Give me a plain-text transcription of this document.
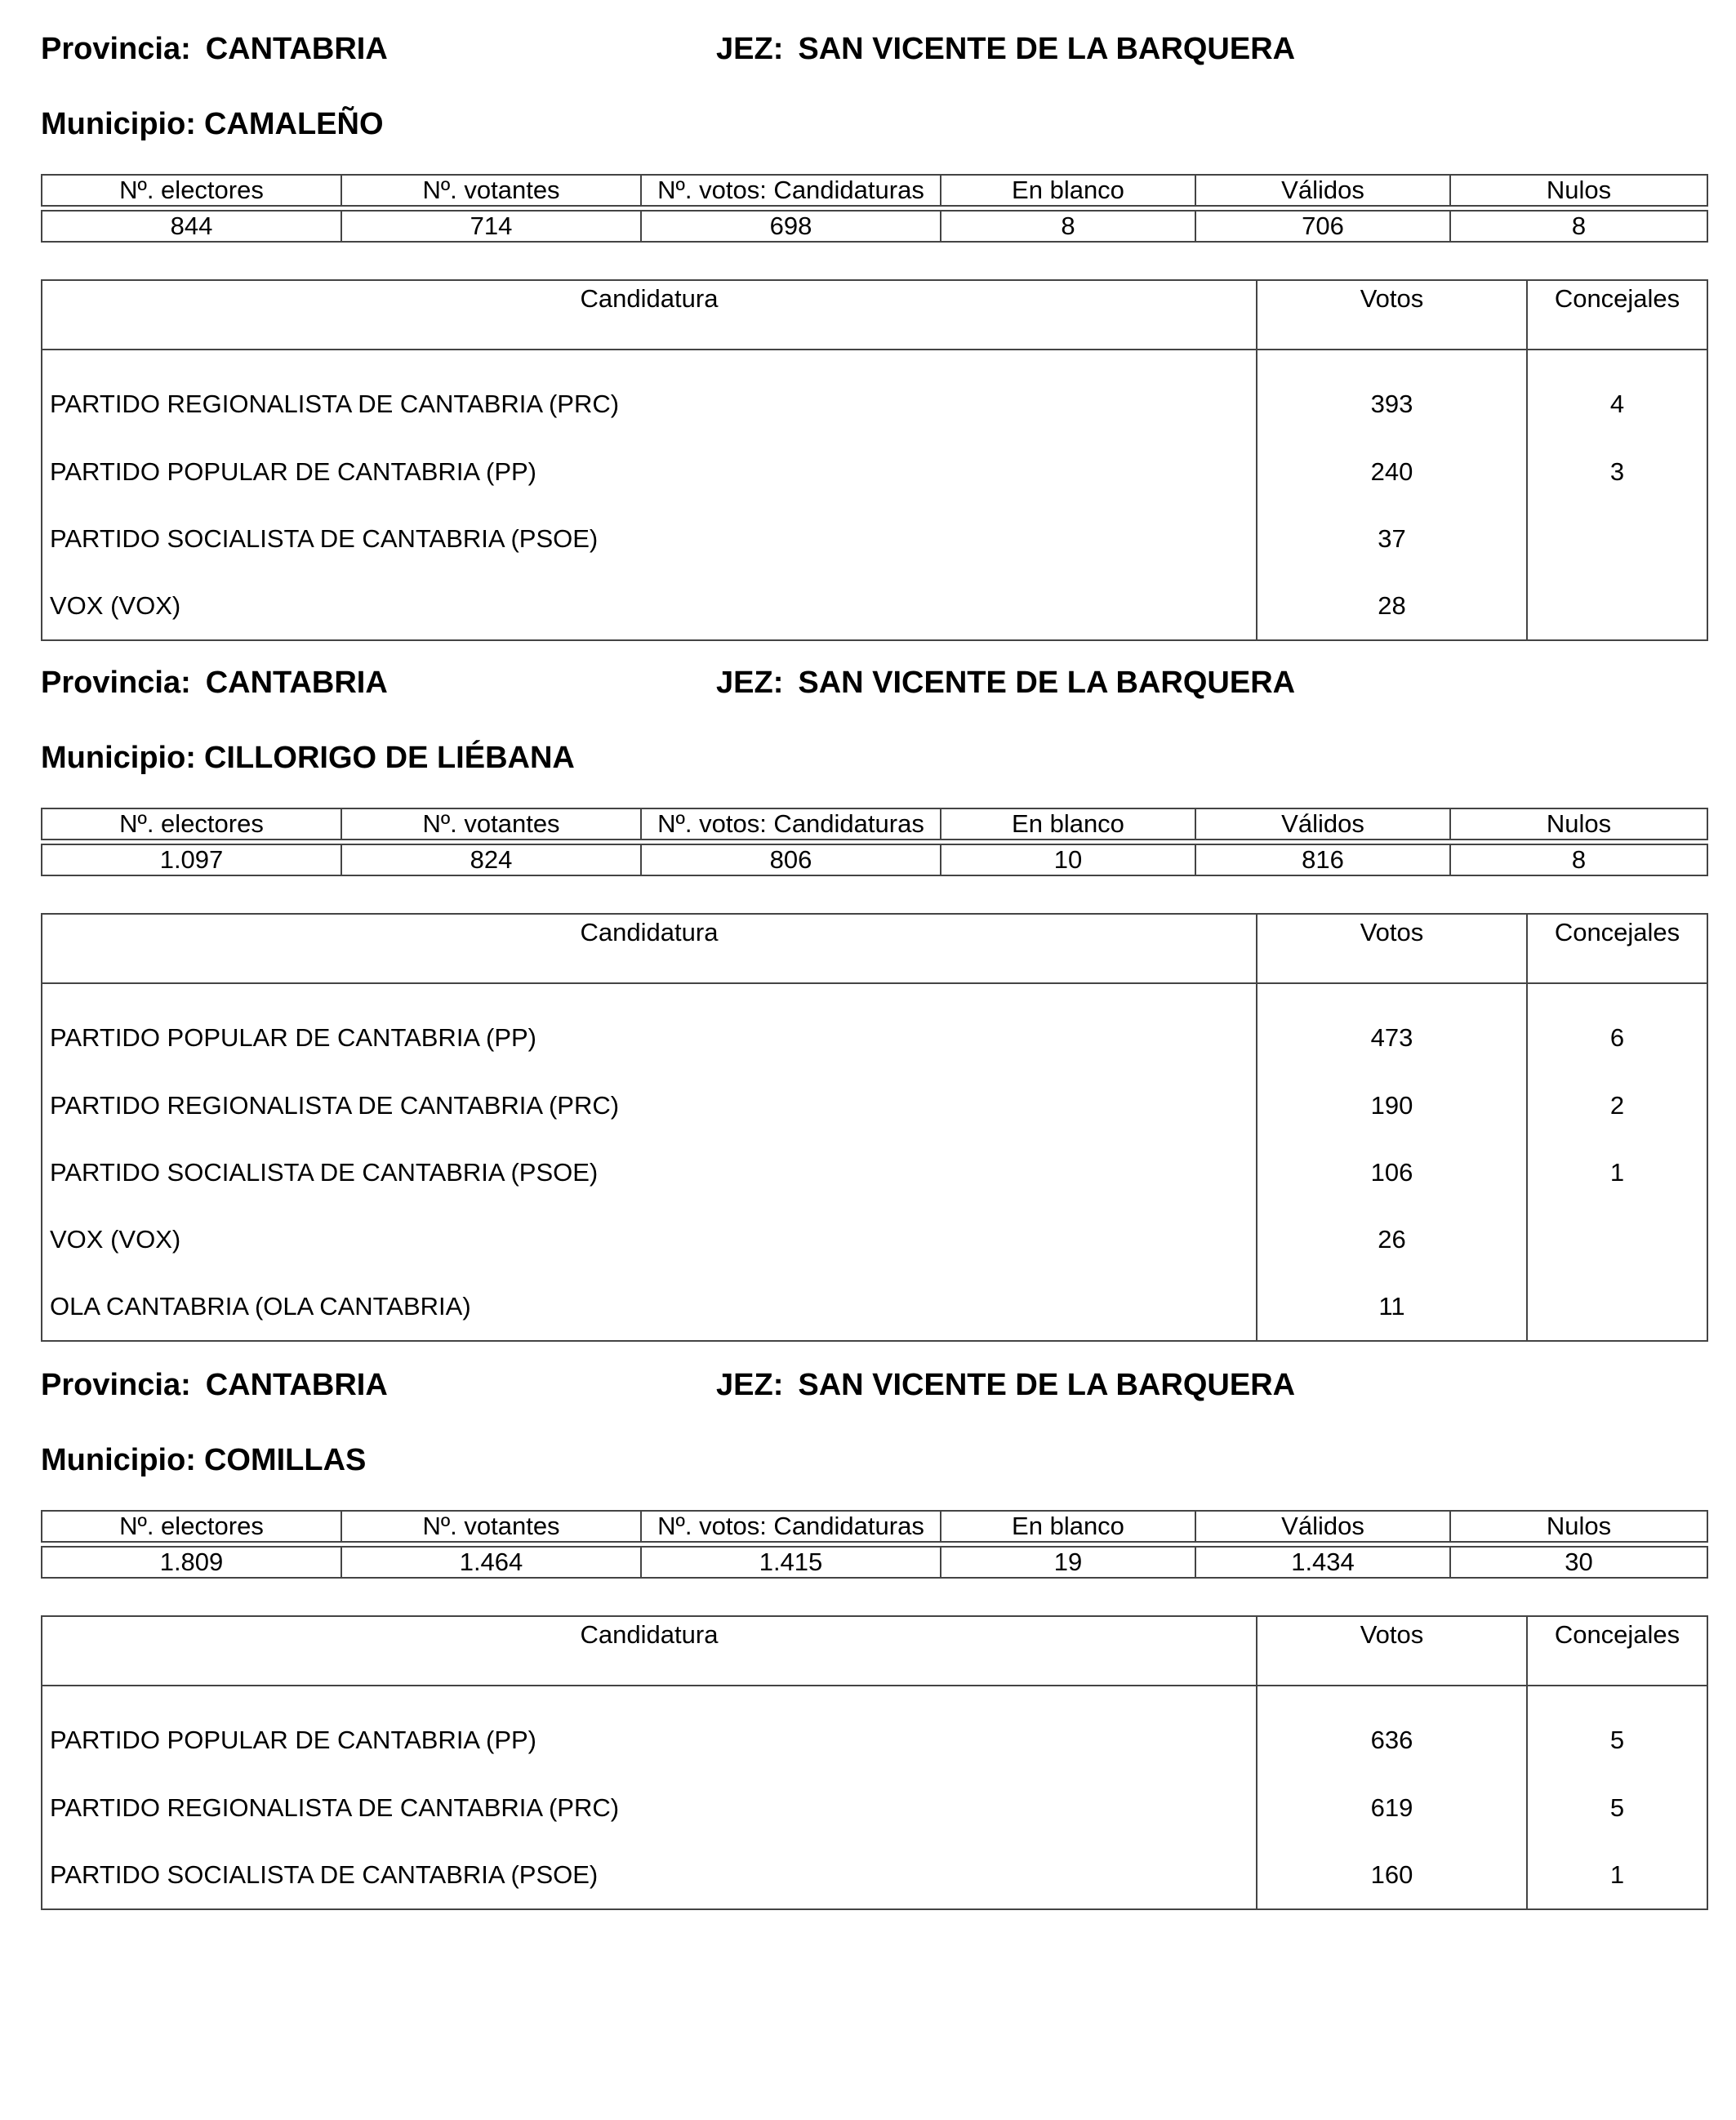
Provincia: CANTABRIA	JEZ: SAN VICENTE DE LA BARQUERA
Municipio: CAMALEÑO
Nº. electores	Nº. votantes	Nº. votos: Candidaturas	En blanco	Válidos	Nulos

844	714	698	8	706	8
Candidatura	Votos	Concejales
PARTIDO REGIONALISTA DE CANTABRIA (PRC)	393	4
PARTIDO POPULAR DE CANTABRIA (PP)	240	3
PARTIDO SOCIALISTA DE CANTABRIA (PSOE)	37	
VOX (VOX)	28	
Provincia: CANTABRIA	JEZ: SAN VICENTE DE LA BARQUERA
Municipio: CILLORIGO DE LIÉBANA
Nº. electores	Nº. votantes	Nº. votos: Candidaturas	En blanco	Válidos	Nulos

1.097	824	806	10	816	8
Candidatura	Votos	Concejales
PARTIDO POPULAR DE CANTABRIA (PP)	473	6
PARTIDO REGIONALISTA DE CANTABRIA (PRC)	190	2
PARTIDO SOCIALISTA DE CANTABRIA (PSOE)	106	1
VOX (VOX)	26	
OLA CANTABRIA (OLA CANTABRIA)	11	
Provincia: CANTABRIA	JEZ: SAN VICENTE DE LA BARQUERA
Municipio: COMILLAS
Nº. electores	Nº. votantes	Nº. votos: Candidaturas	En blanco	Válidos	Nulos

1.809	1.464	1.415	19	1.434	30
Candidatura	Votos	Concejales
PARTIDO POPULAR DE CANTABRIA (PP)	636	5
PARTIDO REGIONALISTA DE CANTABRIA (PRC)	619	5
PARTIDO SOCIALISTA DE CANTABRIA (PSOE)	160	1
